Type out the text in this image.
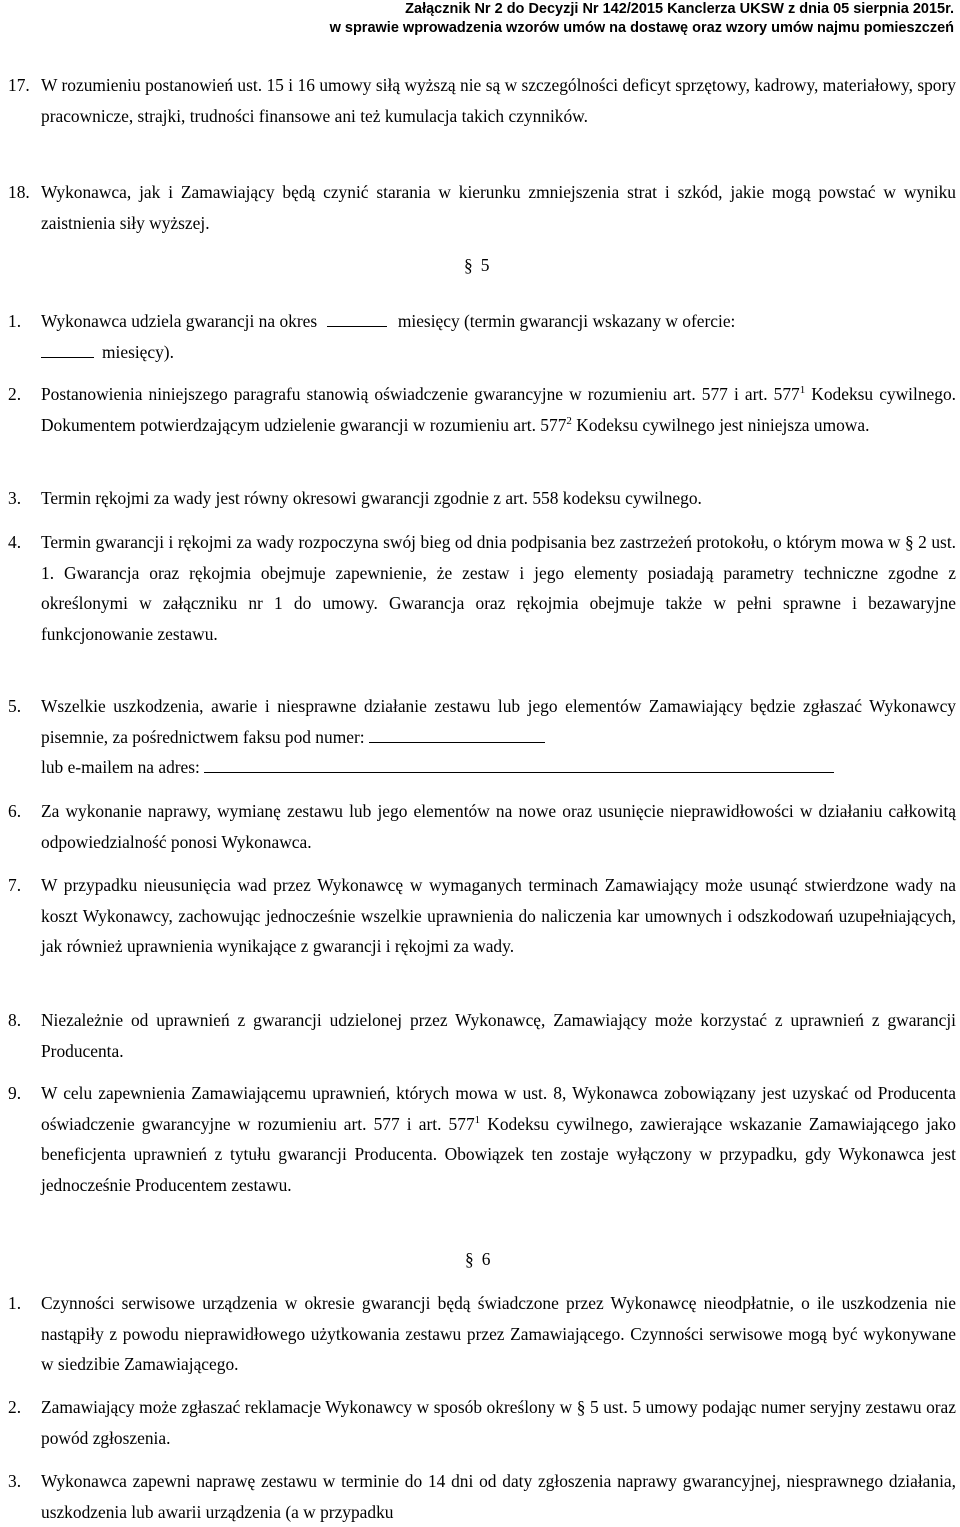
Załącznik Nr 2 do Decyzji Nr 142/2015 Kanclerza UKSW z dnia 05 sierpnia 2015r.
w sprawie wprowadzenia wzorów umów na dostawę oraz wzory umów najmu pomieszczeń
17. W rozumieniu postanowień ust. 15 i 16 umowy siłą wyższą nie są w szczególności deficyt sprzętowy, kadrowy, materiałowy, spory pracownicze, strajki, trudności finansowe ani też kumulacja takich czynników.
18. Wykonawca, jak i Zamawiający będą czynić starania w kierunku zmniejszenia strat i szkód, jakie mogą powstać w wyniku zaistnienia siły wyższej.
§ 5
1. Wykonawca udziela gwarancji na okres	miesięcy (termin gwarancji wskazany w ofercie:
miesięcy).
2. Postanowienia niniejszego paragrafu stanowią oświadczenie gwarancyjne w rozumieniu art. 577 i art. $577^1$ Kodeksu cywilnego. Dokumentem potwierdzającym udzielenie gwarancji w rozumieniu art. $577^2$ Kodeksu cywilnego jest niniejsza umowa.
3. Termin rękojmi za wady jest równy okresowi gwarancji zgodnie z art. 558 kodeksu cywilnego.
4. Termin gwarancji i rękojmi za wady rozpoczyna swój bieg od dnia podpisania bez zastrzeżeń protokołu, o którym mowa w § 2 ust. 1. Gwarancja oraz rękojmia obejmuje zapewnienie, że zestaw i jego elementy posiadają parametry techniczne zgodne z określonymi w załączniku nr 1 do umowy. Gwarancja oraz rękojmia obejmuje także w pełni sprawne i bezawaryjne funkcjonowanie zestawu.
5. Wszelkie uszkodzenia, awarie i niesprawne działanie zestawu lub jego elementów Zamawiający będzie zgłaszać Wykonawcy pisemnie, za pośrednictwem faksu pod numer:
lub e-mailem na adres:
6. Za wykonanie naprawy, wymianę zestawu lub jego elementów na nowe oraz usunięcie nieprawidłowości w działaniu całkowitą odpowiedzialność ponosi Wykonawca.
7. W przypadku nieusunięcia wad przez Wykonawcę w wymaganych terminach Zamawiający może usunąć stwierdzone wady na koszt Wykonawcy, zachowując jednocześnie wszelkie uprawnienia do naliczenia kar umownych i odszkodowań uzupełniających, jak również uprawnienia wynikające z gwarancji i rękojmi za wady.
8. Niezależnie od uprawnień z gwarancji udzielonej przez Wykonawcę, Zamawiający może korzystać z uprawnień z gwarancji Producenta.
9. W celu zapewnienia Zamawiającemu uprawnień, których mowa w ust. 8, Wykonawca zobowiązany jest uzyskać od Producenta oświadczenie gwarancyjne w rozumieniu art. 577 i art. $577^1$ Kodeksu cywilnego, zawierające wskazanie Zamawiającego jako beneficjenta uprawnień z tytułu gwarancji Producenta. Obowiązek ten zostaje wyłączony w przypadku, gdy Wykonawca jest jednocześnie Producentem zestawu.
§ 6
1. Czynności serwisowe urządzenia w okresie gwarancji będą świadczone przez Wykonawcę nieodpłatnie, o ile uszkodzenia nie nastąpiły z powodu nieprawidłowego użytkowania zestawu przez Zamawiającego. Czynności serwisowe mogą być wykonywane w siedzibie Zamawiającego.
2. Zamawiający może zgłaszać reklamacje Wykonawcy w sposób określony w § 5 ust. 5 umowy podając numer seryjny zestawu oraz powód zgłoszenia.
3. Wykonawca zapewni naprawę zestawu w terminie do 14 dni od daty zgłoszenia naprawy gwarancyjnej, niesprawnego działania, uszkodzenia lub awarii urządzenia (a w przypadku
